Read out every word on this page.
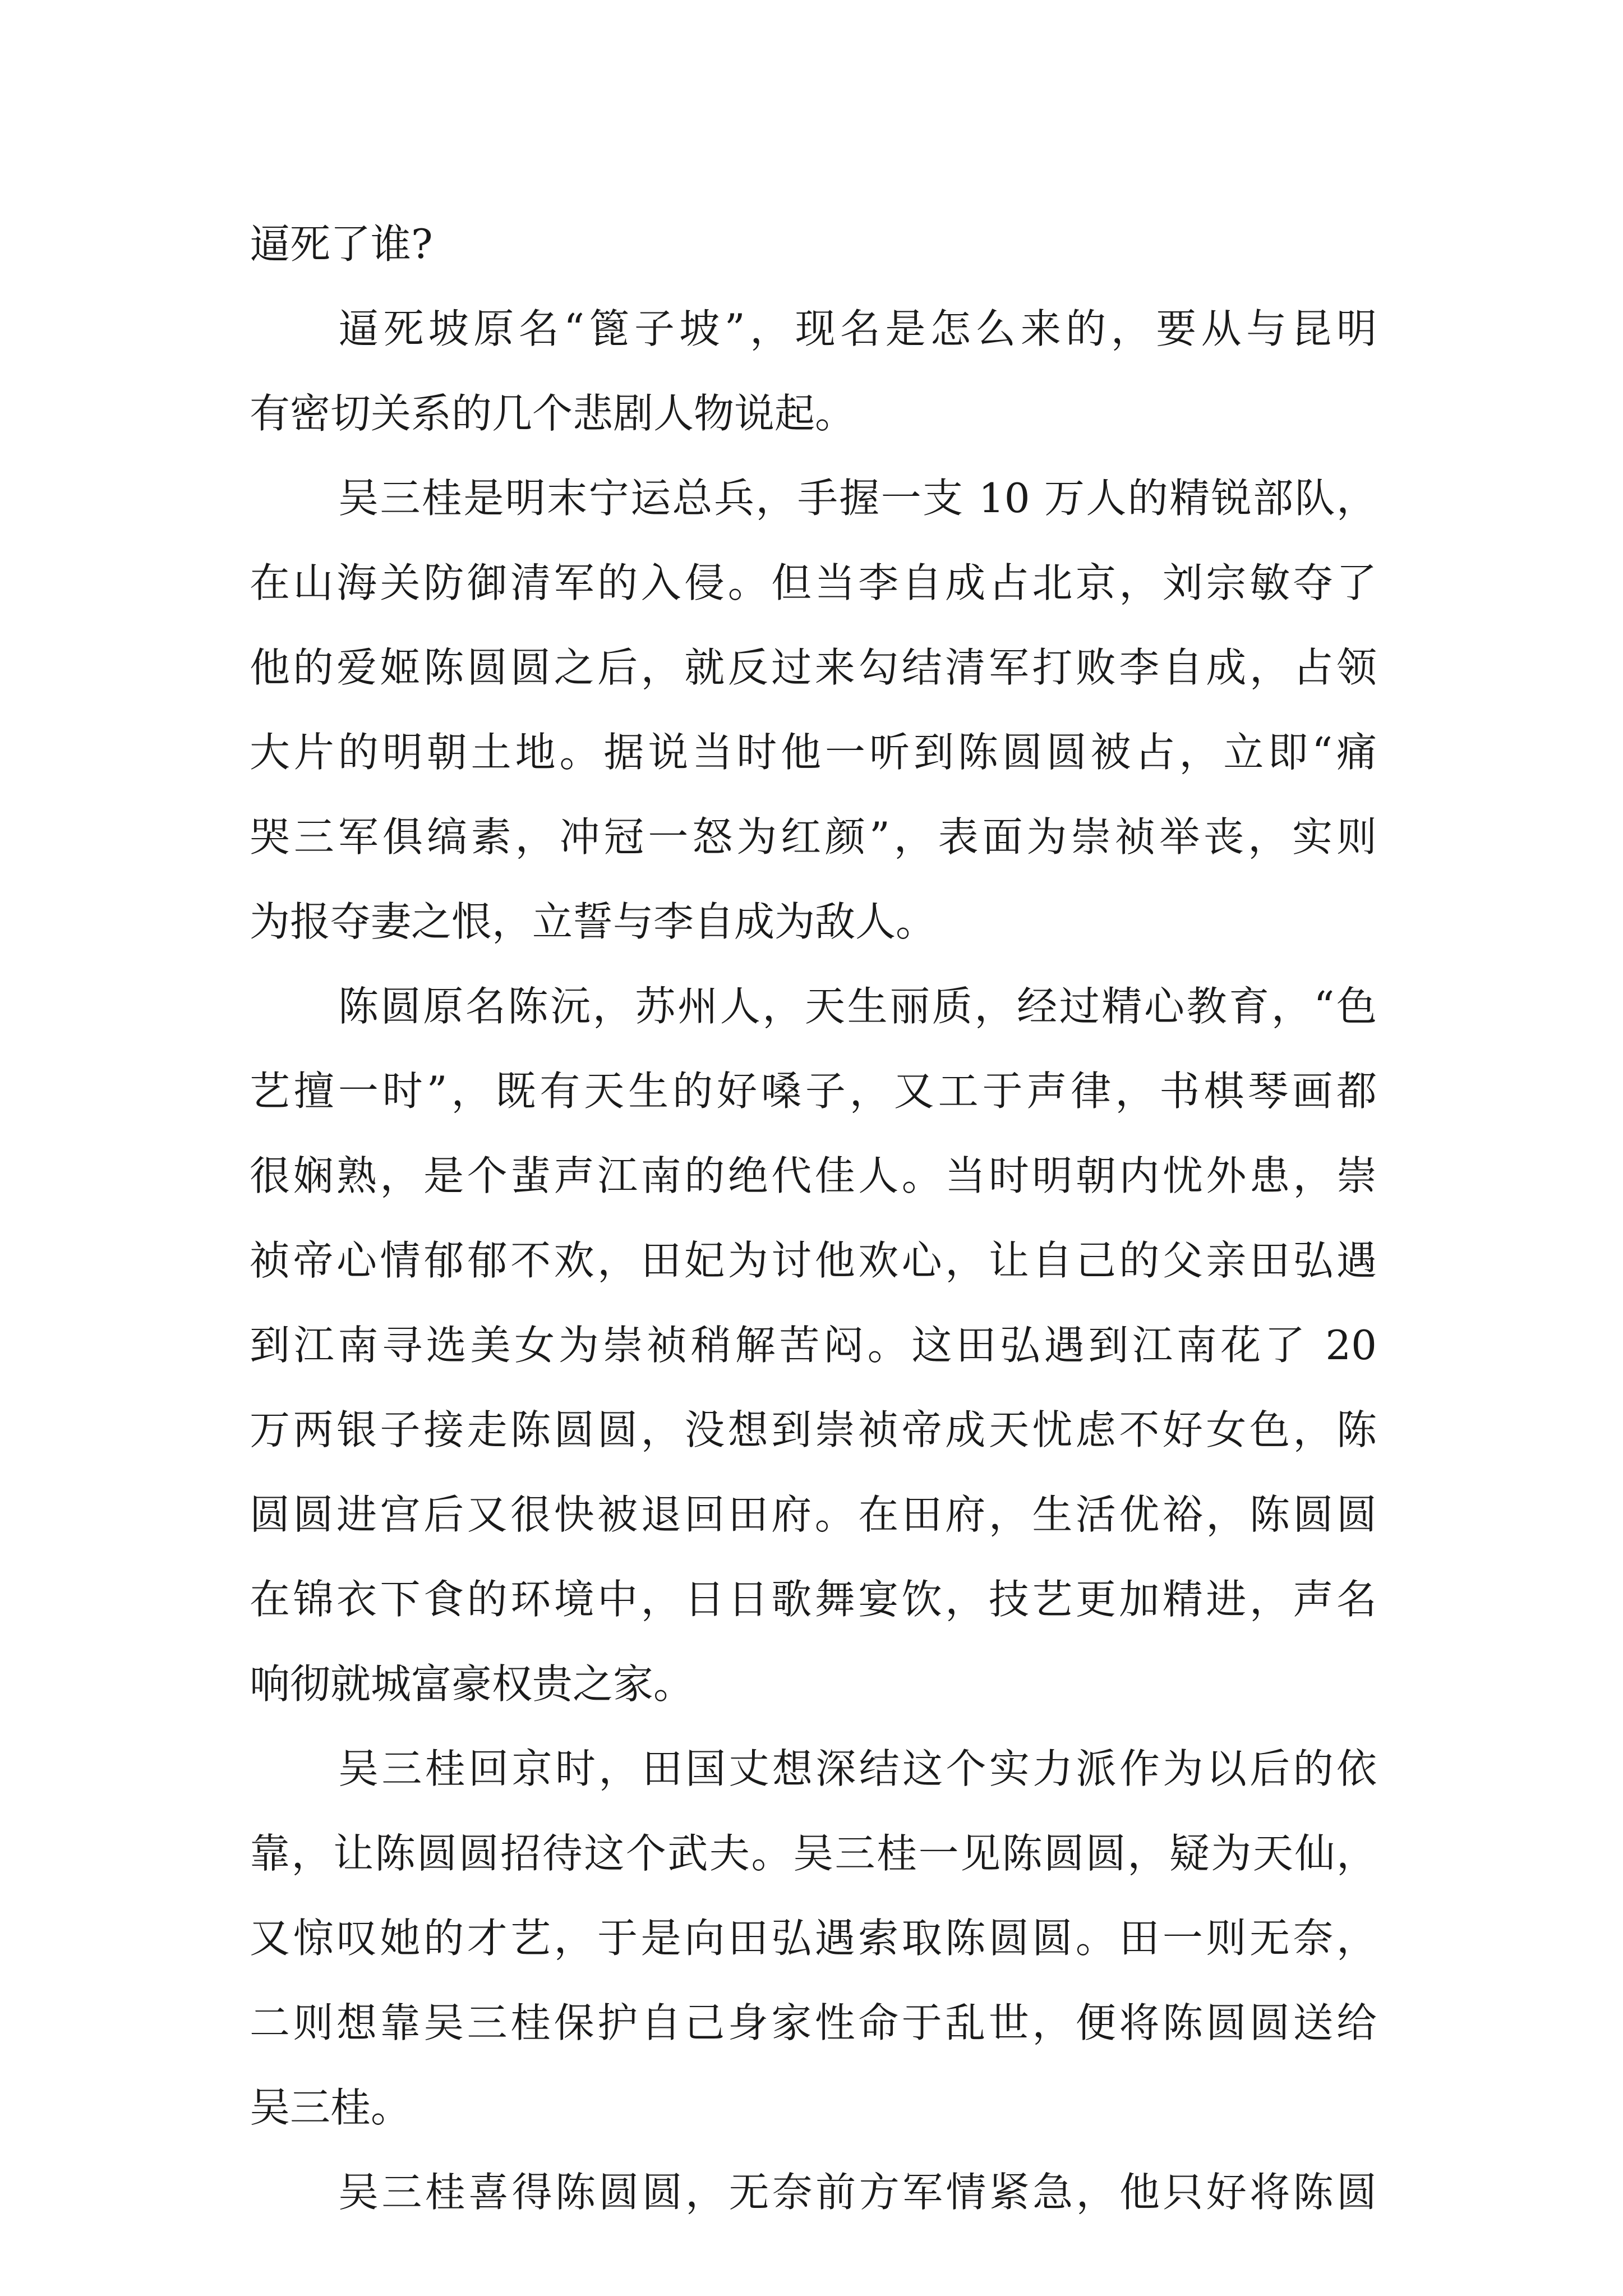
逼死了谁?
逼死坡原名“篦子坡”，现名是怎么来的，要从与昆明
有密切关系的几个悲剧人物说起。
吴三桂是明末宁运总兵，手握一支 10 万人的精锐部队，
在山海关防御清军的入侵。但当李自成占北京，刘宗敏夺了
他的爱姬陈圆圆之后，就反过来勾结清军打败李自成，占领
大片的明朝土地。据说当时他一听到陈圆圆被占，立即“痛
哭三军俱缟素，冲冠一怒为红颜”，表面为崇祯举丧，实则
为报夺妻之恨，立誓与李自成为敌人。
陈圆原名陈沅，苏州人，天生丽质，经过精心教育，“色
艺擅一时”，既有天生的好嗓子，又工于声律，书棋琴画都
很娴熟，是个蜚声江南的绝代佳人。当时明朝内忧外患，崇
祯帝心情郁郁不欢，田妃为讨他欢心，让自己的父亲田弘遇
到江南寻选美女为崇祯稍解苦闷。这田弘遇到江南花了 20
万两银子接走陈圆圆，没想到崇祯帝成天忧虑不好女色，陈
圆圆进宫后又很快被退回田府。在田府，生活优裕，陈圆圆
在锦衣下食的环境中，日日歌舞宴饮，技艺更加精进，声名
响彻就城富豪权贵之家。
吴三桂回京时，田国丈想深结这个实力派作为以后的依
靠，让陈圆圆招待这个武夫。吴三桂一见陈圆圆，疑为天仙，
又惊叹她的才艺，于是向田弘遇索取陈圆圆。田一则无奈，
二则想靠吴三桂保护自己身家性命于乱世，便将陈圆圆送给
吴三桂。
吴三桂喜得陈圆圆，无奈前方军情紧急，他只好将陈圆
